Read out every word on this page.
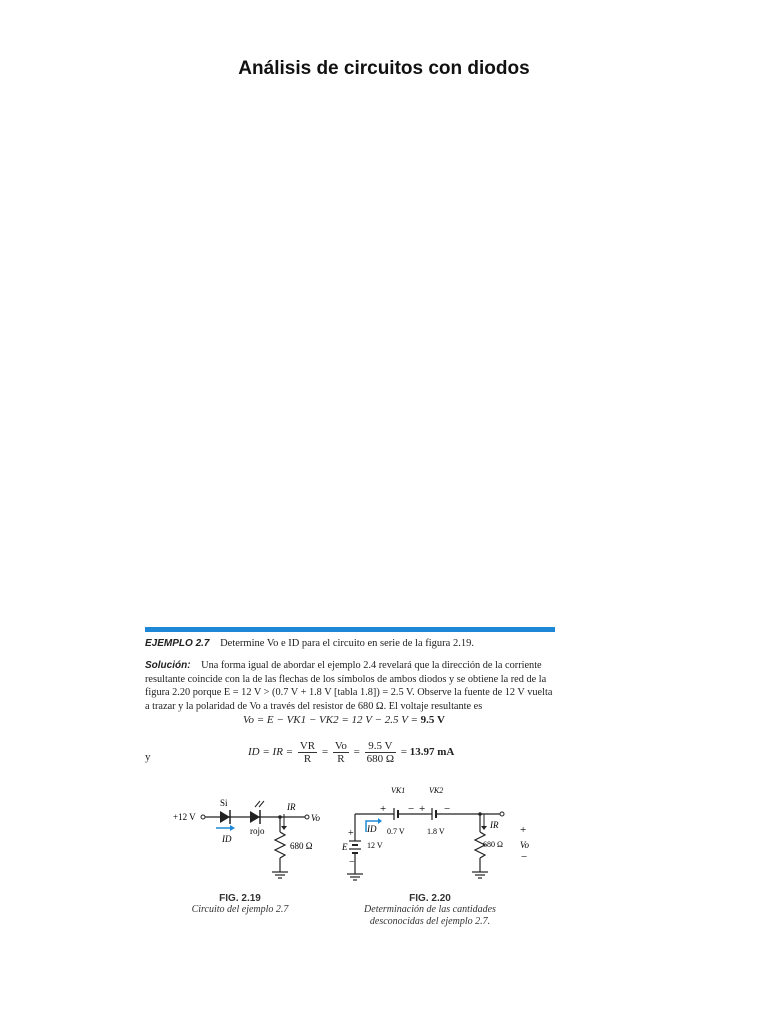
Análisis de circuitos con diodos
EJEMPLO 2.7 Determine Vo e ID para el circuito en serie de la figura 2.19.
Solución: Una forma igual de abordar el ejemplo 2.4 revelará que la dirección de la corriente resultante coincide con la de las flechas de los símbolos de ambos diodos y se obtiene la red de la figura 2.20 porque E = 12 V > (0.7 V + 1.8 V [tabla 1.8]) = 2.5 V. Observe la fuente de 12 V vuelta a trazar y la polaridad de Vo a través del resistor de 680 Ω. El voltaje resultante es
Vo = E − VK1 − VK2 = 12 V − 2.5 V = 9.5 V
y	ID = IR = $\frac{VR}{R} = \frac{Vo}{R} = \frac{9.5 V}{680 \Omega} = 13.97$ mA
+12 V
Si
rojo
ID
Vo
IR
680 Ω
VK1	VK2
+ − + −
0.7 V	1.8 V
+
−
E 12 V
ID	IR
680 Ω
+
Vo
−
FIG. 2.19
Circuito del ejemplo 2.7
FIG. 2.20
Determinación de las cantidades
desconocidas del ejemplo 2.7.
